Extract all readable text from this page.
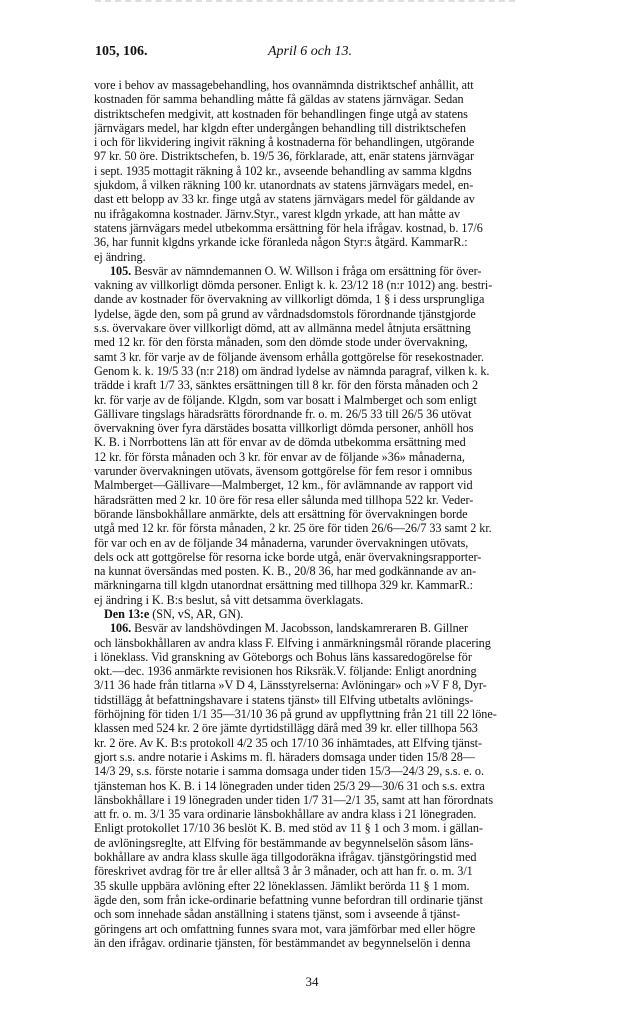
105, 106.	April 6 och 13.
vore i behov av massagebehandling, hos ovannämnda distriktschef anhållit, att
kostnaden för samma behandling måtte få gäldas av statens järnvägar. Sedan
distriktschefen medgivit, att kostnaden för behandlingen finge utgå av statens
järnvägars medel, har klgdn efter undergången behandling till distriktschefen
i och för likvidering ingivit räkning å kostnaderna för behandlingen, utgörande
97 kr. 50 öre. Distriktschefen, b. 19/5 36, förklarade, att, enär statens järnvägar
i sept. 1935 mottagit räkning å 102 kr., avseende behandling av samma klgdns
sjukdom, å vilken räkning 100 kr. utanordnats av statens järnvägars medel, en-
dast ett belopp av 33 kr. finge utgå av statens järnvägars medel för gäldande av
nu ifrågakomna kostnader. Järnv.Styr., varest klgdn yrkade, att han måtte av
statens järnvägars medel utbekomma ersättning för hela ifrågav. kostnad, b. 17/6
36, har funnit klgdns yrkande icke föranleda någon Styr:s åtgärd. KammarR.:
ej ändring.
105. Besvär av nämndemannen O. W. Willson i fråga om ersättning för över-
vakning av villkorligt dömda personer. Enligt k. k. 23/12 18 (n:r 1012) ang. bestri-
dande av kostnader för övervakning av villkorligt dömda, 1 § i dess ursprungliga
lydelse, ägde den, som på grund av vårdnadsdomstols förordnande tjänstgjorde
s.s. övervakare över villkorligt dömd, att av allmänna medel åtnjuta ersättning
med 12 kr. för den första månaden, som den dömde stode under övervakning,
samt 3 kr. för varje av de följande ävensom erhålla gottgörelse för resekostnader.
Genom k. k. 19/5 33 (n:r 218) om ändrad lydelse av nämnda paragraf, vilken k. k.
trädde i kraft 1/7 33, sänktes ersättningen till 8 kr. för den första månaden och 2
kr. för varje av de följande. Klgdn, som var bosatt i Malmberget och som enligt
Gällivare tingslags häradsrätts förordnande fr. o. m. 26/5 33 till 26/5 36 utövat
övervakning över fyra därstädes bosatta villkorligt dömda personer, anhöll hos
K. B. i Norrbottens län att för envar av de dömda utbekomma ersättning med
12 kr. för första månaden och 3 kr. för envar av de följande »36» månaderna,
varunder övervakningen utövats, ävensom gottgörelse för fem resor i omnibus
Malmberget—Gällivare—Malmberget, 12 km., för avlämnande av rapport vid
häradsrätten med 2 kr. 10 öre för resa eller sålunda med tillhopa 522 kr. Veder-
börande länsbokhållare anmärkte, dels att ersättning för övervakningen borde
utgå med 12 kr. för första månaden, 2 kr. 25 öre för tiden 26/6—26/7 33 samt 2 kr.
för var och en av de följande 34 månaderna, varunder övervakningen utövats,
dels ock att gottgörelse för resorna icke borde utgå, enär övervakningsrapporter-
na kunnat översändas med posten. K. B., 20/8 36, har med godkännande av an-
märkningarna till klgdn utanordnat ersättning med tillhopa 329 kr. KammarR.:
ej ändring i K. B:s beslut, så vitt detsamma överklagats.
Den 13:e (SN, vS, AR, GN).
106. Besvär av landshövdingen M. Jacobsson, landskamreraren B. Gillner
och länsbokhållaren av andra klass F. Elfving i anmärkningsmål rörande placering
i löneklass. Vid granskning av Göteborgs och Bohus läns kassaredogörelse för
okt.—dec. 1936 anmärkte revisionen hos Riksräk.V. följande: Enligt anordning
3/11 36 hade från titlarna »V D 4, Länsstyrelserna: Avlöningar» och »V F 8, Dyr-
tidstillägg åt befattningshavare i statens tjänst» till Elfving utbetalts avlönings-
förhöjning för tiden 1/1 35—31/10 36 på grund av uppflyttning från 21 till 22 löne-
klassen med 524 kr. 2 öre jämte dyrtidstillägg därå med 39 kr. eller tillhopa 563
kr. 2 öre. Av K. B:s protokoll 4/2 35 och 17/10 36 inhämtades, att Elfving tjänst-
gjort s.s. andre notarie i Askims m. fl. häraders domsaga under tiden 15/8 28—
14/3 29, s.s. förste notarie i samma domsaga under tiden 15/3—24/3 29, s.s. e. o.
tjänsteman hos K. B. i 14 lönegraden under tiden 25/3 29—30/6 31 och s.s. extra
länsbokhållare i 19 lönegraden under tiden 1/7 31—2/1 35, samt att han förordnats
att fr. o. m. 3/1 35 vara ordinarie länsbokhållare av andra klass i 21 lönegraden.
Enligt protokollet 17/10 36 beslöt K. B. med stöd av 11 § 1 och 3 mom. i gällan-
de avlöningsreglte, att Elfving för bestämmande av begynnelselön såsom läns-
bokhållare av andra klass skulle äga tillgodoräkna ifrågav. tjänstgöringstid med
föreskrivet avdrag för tre år eller alltså 3 år 3 månader, och att han fr. o. m. 3/1
35 skulle uppbära avlöning efter 22 löneklassen. Jämlikt berörda 11 § 1 mom.
ägde den, som från icke-ordinarie befattning vunne befordran till ordinarie tjänst
och som innehade sådan anställning i statens tjänst, som i avseende å tjänst-
göringens art och omfattning funnes svara mot, vara jämförbar med eller högre
än den ifrågav. ordinarie tjänsten, för bestämmandet av begynnelselön i denna
34
